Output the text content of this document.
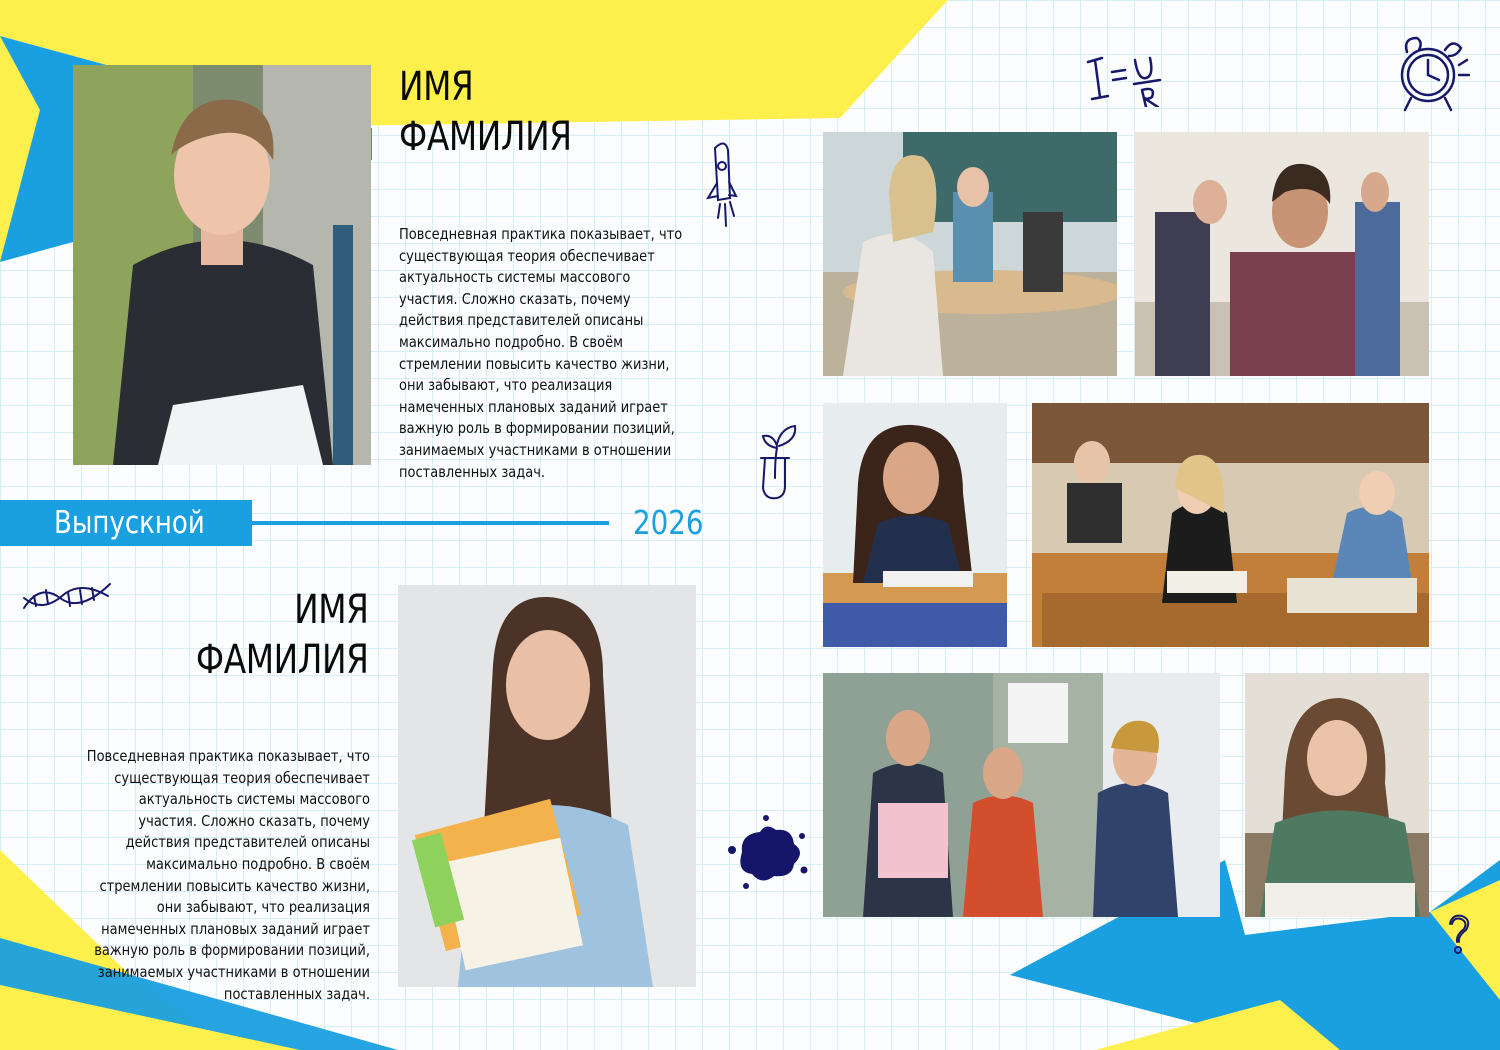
ИМЯ
ФАМИЛИЯ
Повседневная практика показывает, что существующая теория обеспечивает актуальность системы массового участия. Сложно сказать, почему действия представителей описаны максимально подробно. В своём стремлении повысить качество жизни, они забывают, что реализация намеченных плановых заданий играет важную роль в формировании позиций, занимаемых участниками в отношении поставленных задач.
Выпускной	2026
ИМЯ
ФАМИЛИЯ
Повседневная практика показывает, что существующая теория обеспечивает актуальность системы массового участия. Сложно сказать, почему действия представителей описаны максимально подробно. В своём стремлении повысить качество жизни, они забывают, что реализация намеченных плановых заданий играет важную роль в формировании позиций, занимаемых участниками в отношении поставленных задач.
